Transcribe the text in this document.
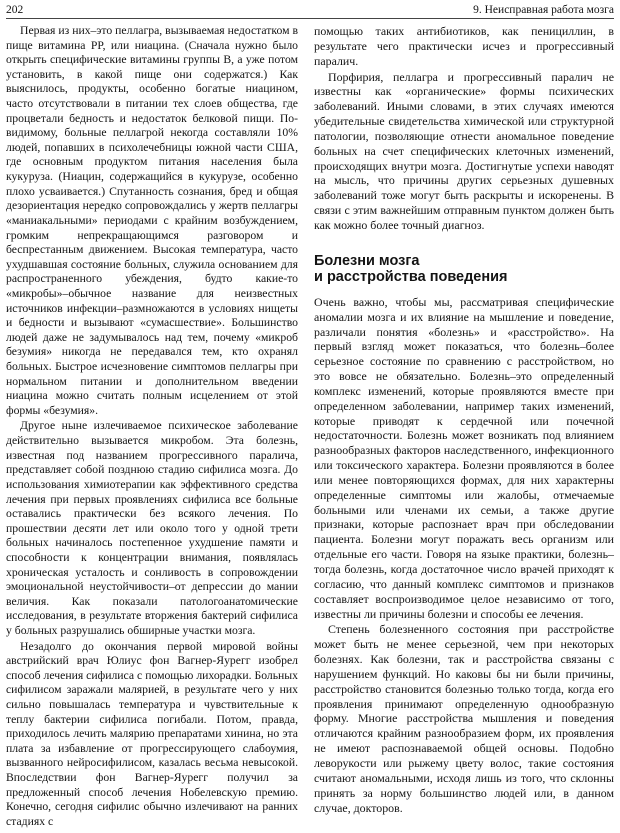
202	9. Неисправная работа мозга

Первая из них–это пеллагра, вызываемая недостатком в пище витамина PP, или ниацина. (Сначала нужно было открыть специфические витамины группы В, а уже потом установить, в какой пище они содержатся.) Как выяснилось, продукты, особенно богатые ниацином, часто отсутствовали в питании тех слоев общества, где процветали бедность и недостаток белковой пищи. По-видимому, больные пеллагрой некогда составляли 10% людей, попавших в психолечебницы южной части США, где основным продуктом питания населения была кукуруза. (Ниацин, содержащийся в кукурузе, особенно плохо усваивается.) Спутанность сознания, бред и общая дезориентация нередко сопровождались у жертв пеллагры «маниакальными» периодами с крайним возбуждением, громким непрекращающимся разговором и беспрестанным движением. Высокая температура, часто ухудшавшая состояние больных, служила основанием для распространенного убеждения, будто какие-то «микробы»–обычное название для неизвестных источников инфекции–размножаются в условиях нищеты и бедности и вызывают «сумасшествие». Большинство людей даже не задумывалось над тем, почему «микроб безумия» никогда не передавался тем, кто охранял больных. Быстрое исчезновение симптомов пеллагры при нормальном питании и дополнительном введении ниацина можно считать полным исцелением от этой формы «безумия».

Другое ныне излечиваемое психическое заболевание действительно вызывается микробом. Эта болезнь, известная под названием прогрессивного паралича, представляет собой позднюю стадию сифилиса мозга. До использования химиотерапии как эффективного средства лечения при первых проявлениях сифилиса все больные оставались практически без всякого лечения. По прошествии десяти лет или около того у одной трети больных начиналось постепенное ухудшение памяти и способности к концентрации внимания, появлялась хроническая усталость и сонливость в сопровождении эмоциональной неустойчивости–от депрессии до мании величия. Как показали патологоанатомические исследования, в результате вторжения бактерий сифилиса у больных разрушались обширные участки мозга.

Незадолго до окончания первой мировой войны австрийский врач Юлиус фон Вагнер-Яурегг изобрел способ лечения сифилиса с помощью лихорадки. Больных сифилисом заражали малярией, в результате чего у них сильно повышалась температура и чувствительные к теплу бактерии сифилиса погибали. Потом, правда, приходилось лечить малярию препаратами хинина, но эта плата за избавление от прогрессирующего слабоумия, вызванного нейросифилисом, казалась весьма невысокой. Впоследствии фон Вагнер-Яурегг получил за предложенный способ лечения Нобелевскую премию. Конечно, сегодня сифилис обычно излечивают на ранних стадиях с

помощью таких антибиотиков, как пенициллин, в результате чего практически исчез и прогрессивный паралич.

Порфирия, пеллагра и прогрессивный паралич не известны как «органические» формы психических заболеваний. Иными словами, в этих случаях имеются убедительные свидетельства химической или структурной патологии, позволяющие отнести аномальное поведение больных на счет специфических клеточных изменений, происходящих внутри мозга. Достигнутые успехи наводят на мысль, что причины других серьезных душевных заболеваний тоже могут быть раскрыты и искоренены. В связи с этим важнейшим отправным пунктом должен быть как можно более точный диагноз.

Болезни мозга
и расстройства поведения

Очень важно, чтобы мы, рассматривая специфические аномалии мозга и их влияние на мышление и поведение, различали понятия «болезнь» и «расстройство». На первый взгляд может показаться, что болезнь–более серьезное состояние по сравнению с расстройством, но это вовсе не обязательно. Болезнь–это определенный комплекс изменений, которые проявляются вместе при определенном заболевании, например таких изменений, которые приводят к сердечной или почечной недостаточности. Болезнь может возникать под влиянием разнообразных факторов наследственного, инфекционного или токсического характера. Болезни проявляются в более или менее повторяющихся формах, для них характерны определенные симптомы или жалобы, отмечаемые больными или членами их семьи, а также другие признаки, которые распознает врач при обследовании пациента. Болезни могут поражать весь организм или отдельные его части. Говоря на языке практики, болезнь–тогда болезнь, когда достаточное число врачей приходят к согласию, что данный комплекс симптомов и признаков составляет воспроизводимое целое независимо от того, известны ли причины болезни и способы ее лечения.

Степень болезненного состояния при расстройстве может быть не менее серьезной, чем при некоторых болезнях. Как болезни, так и расстройства связаны с нарушением функций. Но каковы бы ни были причины, расстройство становится болезнью только тогда, когда его проявления принимают определенную однообразную форму. Многие расстройства мышления и поведения отличаются крайним разнообразием форм, их проявления не имеют распознаваемой общей основы. Подобно леворукости или рыжему цвету волос, такие состояния считают аномальными, исходя лишь из того, что склонны принять за норму большинство людей или, в данном случае, докторов.
